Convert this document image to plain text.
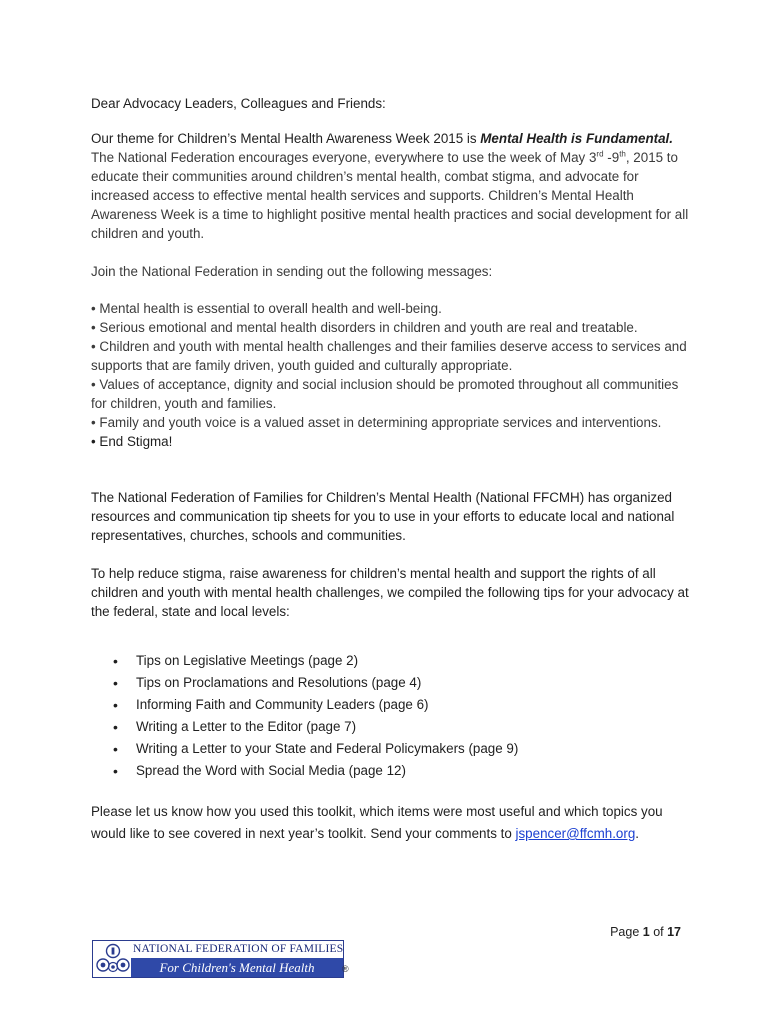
Dear Advocacy Leaders, Colleagues and Friends:
Our theme for Children’s Mental Health Awareness Week 2015 is Mental Health is Fundamental. The National Federation encourages everyone, everywhere to use the week of May 3rd -9th, 2015 to educate their communities around children’s mental health, combat stigma, and advocate for increased access to effective mental health services and supports. Children’s Mental Health Awareness Week is a time to highlight positive mental health practices and social development for all children and youth.
Join the National Federation in sending out the following messages:
• Mental health is essential to overall health and well-being.
• Serious emotional and mental health disorders in children and youth are real and treatable.
• Children and youth with mental health challenges and their families deserve access to services and supports that are family driven, youth guided and culturally appropriate.
• Values of acceptance, dignity and social inclusion should be promoted throughout all communities for children, youth and families.
• Family and youth voice is a valued asset in determining appropriate services and interventions.
• End Stigma!
The National Federation of Families for Children’s Mental Health (National FFCMH) has organized resources and communication tip sheets for you to use in your efforts to educate local and national representatives, churches, schools and communities.
To help reduce stigma, raise awareness for children’s mental health and support the rights of all children and youth with mental health challenges, we compiled the following tips for your advocacy at the federal, state and local levels:
• Tips on Legislative Meetings (page 2)
• Tips on Proclamations and Resolutions (page 4)
• Informing Faith and Community Leaders (page 6)
• Writing a Letter to the Editor (page 7)
• Writing a Letter to your State and Federal Policymakers (page 9)
• Spread the Word with Social Media (page 12)
Please let us know how you used this toolkit, which items were most useful and which topics you would like to see covered in next year’s toolkit. Send your comments to jspencer@ffcmh.org.
Page 1 of 17
NATIONAL FEDERATION OF FAMILIES
For Children's Mental Health	®
